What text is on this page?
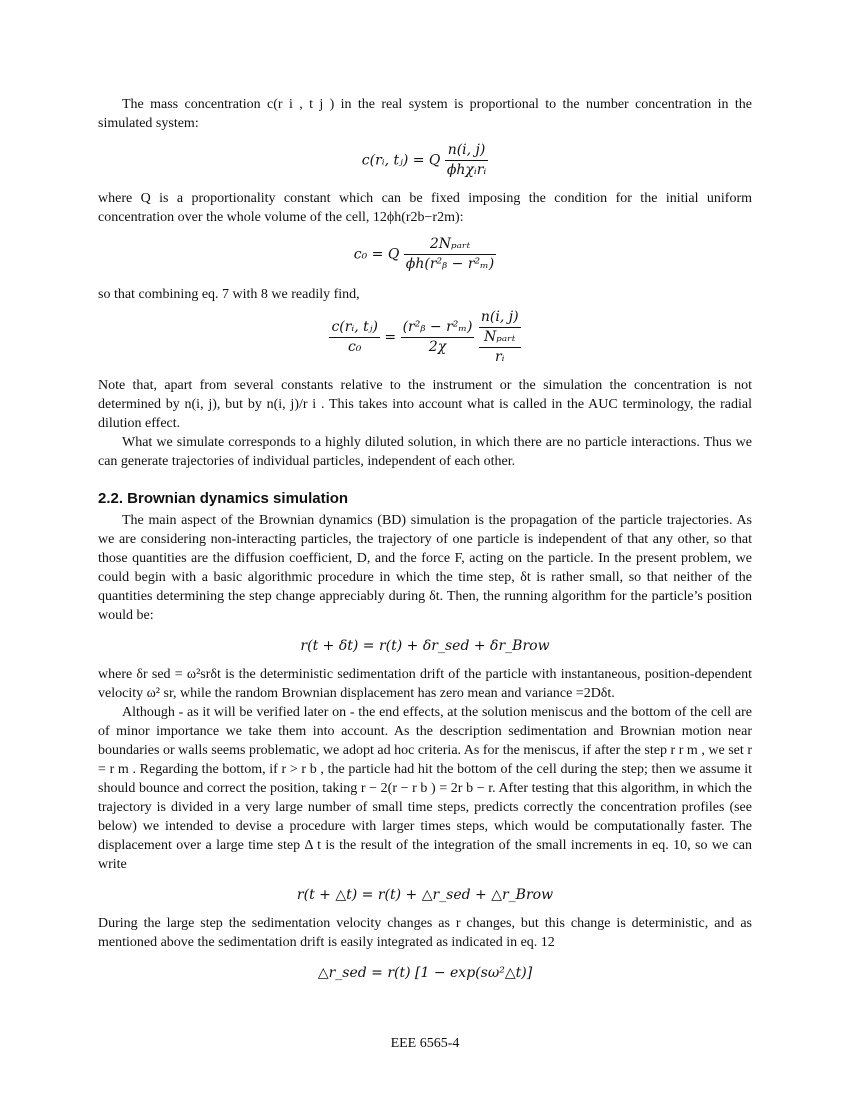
The mass concentration c(r i , t j ) in the real system is proportional to the number concentration in the simulated system:

c(rᵢ, tⱼ) = Q $\frac{n(i, j)}{\text{ϕhχᵢrᵢ}}$

where Q is a proportionality constant which can be fixed imposing the condition for the initial uniform concentration over the whole volume of the cell, 12ϕh(r2b−r2m):

c₀ = Q $\frac{\text{2Nₚₐᵣₜ}}{\text{ϕh(r²ᵦ − r²ₘ)}}$

so that combining eq. 7 with 8 we readily find,

$\frac{\text{c(rᵢ, tⱼ)}}{\text{c₀}} = \frac{\text{(r²ᵦ − r²ₘ)}}{2\chi}$

n(i, j)
Nₚₐᵣₜ
rᵢ

Note that, apart from several constants relative to the instrument or the simulation the concentration is not determined by n(i, j), but by n(i, j)/r i . This takes into account what is called in the AUC terminology, the radial dilution effect.

What we simulate corresponds to a highly diluted solution, in which there are no particle interactions. Thus we can generate trajectories of individual particles, independent of each other.

2.2. Brownian dynamics simulation

The main aspect of the Brownian dynamics (BD) simulation is the propagation of the particle trajectories. As we are considering non-interacting particles, the trajectory of one particle is independent of that any other, so that those quantities are the diffusion coefficient, D, and the force F, acting on the particle. In the present problem, we could begin with a basic algorithmic procedure in which the time step, δt is rather small, so that neither of the quantities determining the step change appreciably during δt. Then, the running algorithm for the particle’s position would be:

r(t + δt) = r(t) + δr_sed + δr_Brow

where δr sed = ω²srδt is the deterministic sedimentation drift of the particle with instantaneous, position-dependent velocity ω² sr, while the random Brownian displacement has zero mean and variance =2Dδt.

Although - as it will be verified later on - the end effects, at the solution meniscus and the bottom of the cell are of minor importance we take them into account. As the description sedimentation and Brownian motion near boundaries or walls seems problematic, we adopt ad hoc criteria. As for the meniscus, if after the step r r m , we set r = r m . Regarding the bottom, if r > r b , the particle had hit the bottom of the cell during the step; then we assume it should bounce and correct the position, taking r − 2(r − r b ) = 2r b − r. After testing that this algorithm, in which the trajectory is divided in a very large number of small time steps, predicts correctly the concentration profiles (see below) we intended to devise a procedure with larger times steps, which would be computationally faster. The displacement over a large time step Δ t is the result of the integration of the small increments in eq. 10, so we can write

r(t + △t) = r(t) + △r_sed + △r_Brow

During the large step the sedimentation velocity changes as r changes, but this change is deterministic, and as mentioned above the sedimentation drift is easily integrated as indicated in eq. 12

△r_sed = r(t) [1 − exp(sω²△t)]
EEE 6565-4
